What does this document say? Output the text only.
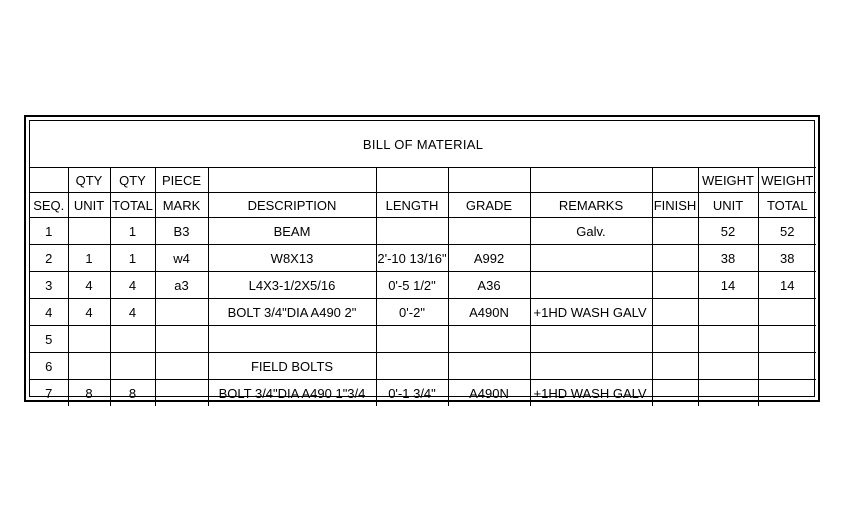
BILL OF MATERIAL										
	QTY	QTY	PIECE						WEIGHT	WEIGHT
SEQ.	UNIT	TOTAL	MARK	DESCRIPTION	LENGTH	GRADE	REMARKS	FINISH	UNIT	TOTAL
1		1	B3	BEAM			Galv.		52	52
2	1	1	w4	W8X13	2'-10 13/16"	A992			38	38
3	4	4	a3	L4X3-1/2X5/16	0'-5 1/2"	A36			14	14
4	4	4		BOLT 3/4"DIA A490 2"	0'-2"	A490N	+1HD WASH GALV			
5										
6				FIELD BOLTS						
7	8	8		BOLT 3/4"DIA A490 1"3/4	0'-1 3/4"	A490N	+1HD WASH GALV			
